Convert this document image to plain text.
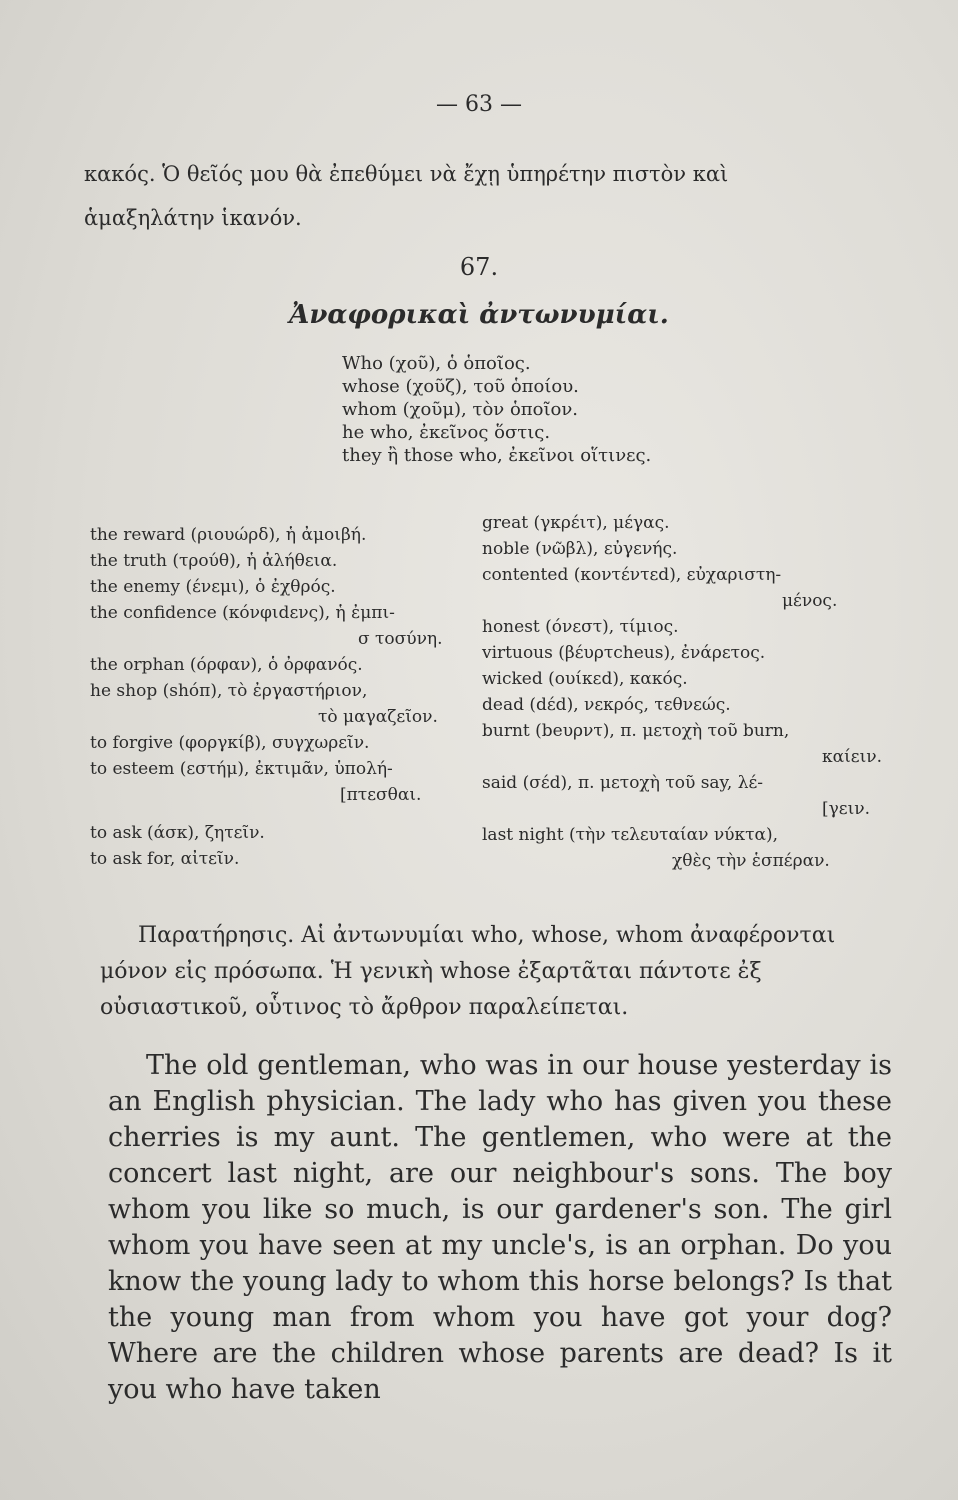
— 63 —
κακός. Ὁ θεῖός μου θὰ ἐπεθύμει νὰ ἔχῃ ὑπηρέτην πιστὸν καὶ
ἁμαξηλάτην ἱκανόν.
67.
Ἀναφορικαὶ ἀντωνυμίαι.
Who (χοῦ), ὁ ὁποῖος.
whose (χοῦζ), τοῦ ὁποίου.
whom (χοῦμ), τὸν ὁποῖον.
he who, ἐκεῖνος ὅστις.
they ἢ those who, ἐκεῖνοι οἵτινες.
the reward (ριουώρδ), ἡ ἀμοιβή.
the truth (τρούθ), ἡ ἀλήθεια.
the enemy (ένεμι), ὁ ἐχθρός.
the confidence (κόνφιdενς), ἡ ἐμπι-
σ τοσύνη.
the orphan (όρφαν), ὁ ὀρφανός.
he shop (shόπ), τὸ ἐργαστήριον,
τὸ μαγαζεῖον.
to forgive (φοργκίβ), συγχωρεῖν.
to esteem (εστήμ), ἐκτιμᾶν, ὑπολή-
[πτεσθαι.
to ask (άσκ), ζητεῖν.
to ask for, αἰτεῖν.
great (γκρέιτ), μέγας.
noble (νῶβλ), εὐγενής.
contented (κοντέντεd), εὐχαριστη-
μένος.
honest (όνεστ), τίμιος.
virtuous (βέυρτcheus), ἐνάρετος.
wicked (ουίκεd), κακός.
dead (dέd), νεκρός, τεθνεώς.
burnt (beυρντ), π. μετοχὴ τοῦ burn,
καίειν.
said (σέd), π. μετοχὴ τοῦ say, λέ-
[γειν.
last night (τὴν τελευταίαν νύκτα),
χθὲς τὴν ἑσπέραν.
Παρατήρησις. Αἱ ἀντωνυμίαι who, whose, whom ἀναφέρονται μόνον εἰς πρόσωπα. Ἡ γενικὴ whose ἐξαρτᾶται πάντοτε ἐξ οὐσιαστικοῦ, οὗτινος τὸ ἄρθρον παραλείπεται.
The old gentleman, who was in our house yesterday is an English physician. The lady who has given you these cherries is my aunt. The gentlemen, who were at the concert last night, are our neighbour's sons. The boy whom you like so much, is our gardener's son. The girl whom you have seen at my uncle's, is an orphan. Do you know the young lady to whom this horse belongs? Is that the young man from whom you have got your dog? Where are the children whose parents are dead? Is it you who have taken
